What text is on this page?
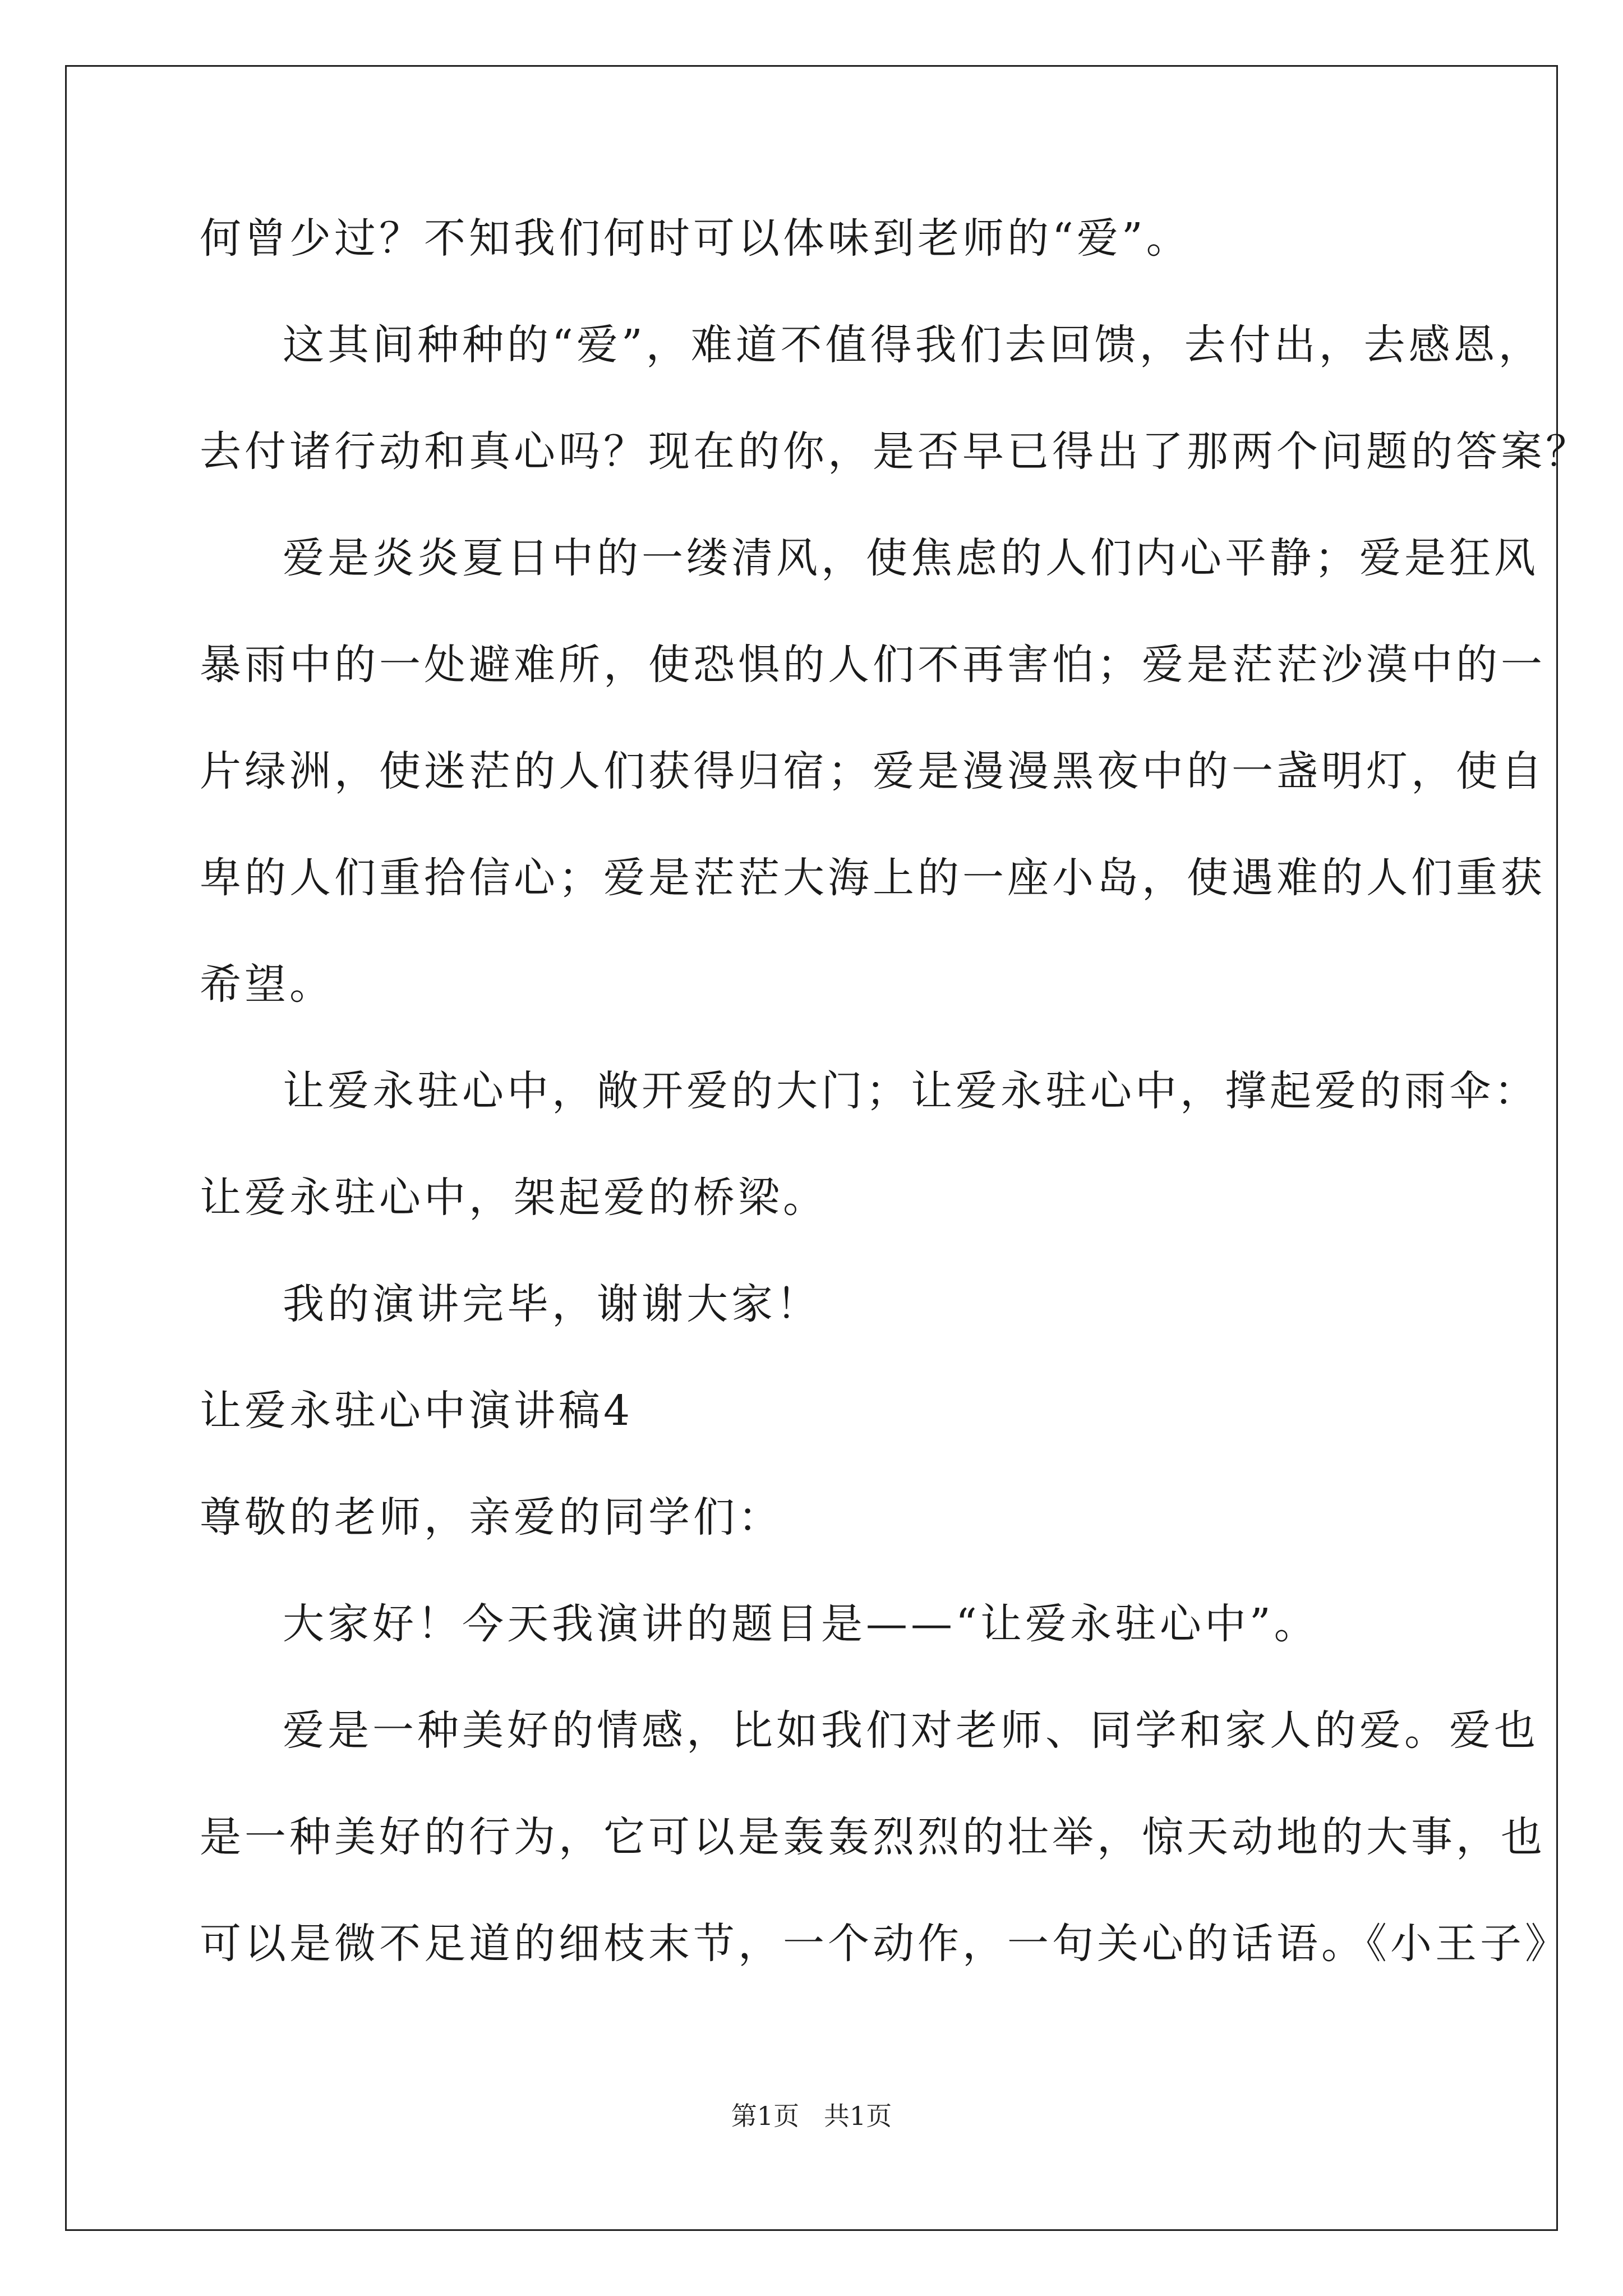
何曾少过？不知我们何时可以体味到老师的“爱”。
这其间种种的“爱”，难道不值得我们去回馈，去付出，去感恩，
去付诸行动和真心吗？现在的你，是否早已得出了那两个问题的答案？
爱是炎炎夏日中的一缕清风，使焦虑的人们内心平静；爱是狂风
暴雨中的一处避难所，使恐惧的人们不再害怕；爱是茫茫沙漠中的一
片绿洲，使迷茫的人们获得归宿；爱是漫漫黑夜中的一盏明灯，使自
卑的人们重拾信心；爱是茫茫大海上的一座小岛，使遇难的人们重获
希望。
让爱永驻心中，敞开爱的大门；让爱永驻心中，撑起爱的雨伞：
让爱永驻心中，架起爱的桥梁。
我的演讲完毕，谢谢大家！
让爱永驻心中演讲稿4
尊敬的老师，亲爱的同学们：
大家好！今天我演讲的题目是——“让爱永驻心中”。
爱是一种美好的情感，比如我们对老师、同学和家人的爱。爱也
是一种美好的行为，它可以是轰轰烈烈的壮举，惊天动地的大事，也
可以是微不足道的细枝末节，一个动作，一句关心的话语。《小王子》
第1页   共1页
